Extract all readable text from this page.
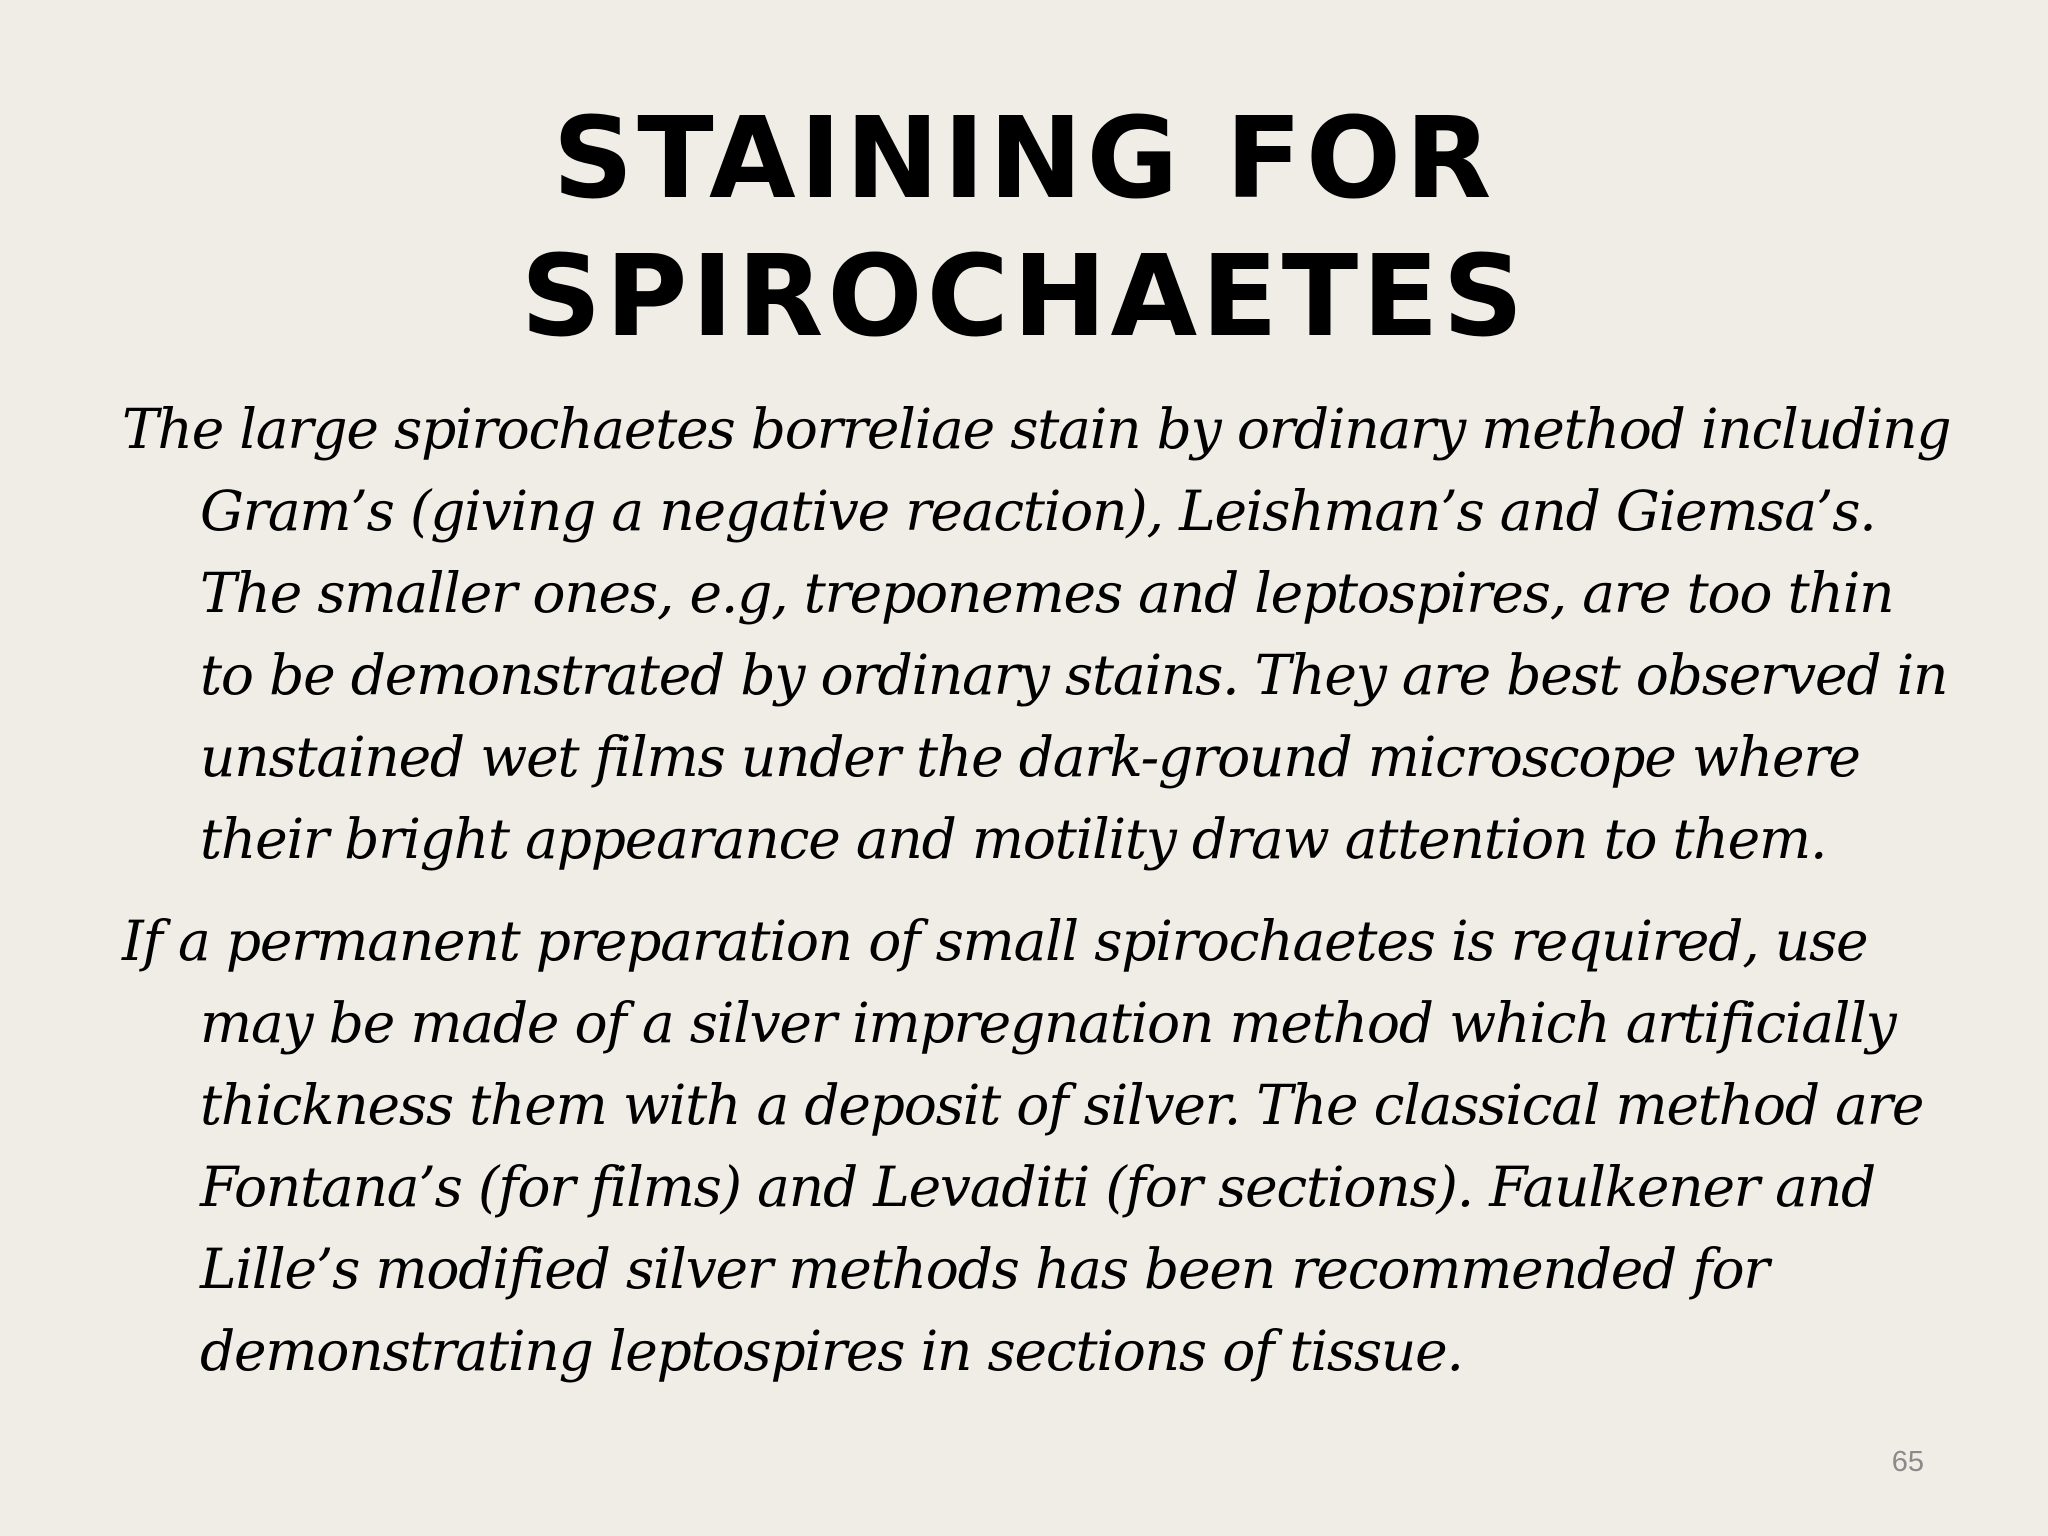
STAINING FOR
SPIROCHAETES

The large spirochaetes borreliae stain by ordinary method including Gram’s (giving a negative reaction), Leishman’s and Giemsa’s. The smaller ones, e.g, treponemes and leptospires, are too thin to be demonstrated by ordinary stains. They are best observed in unstained wet films under the dark-ground microscope where their bright appearance and motility draw attention to them.

If a permanent preparation of small spirochaetes is required, use may be made of a silver impregnation method which artificially thickness them with a deposit of silver. The classical method are Fontana’s (for films) and Levaditi (for sections). Faulkener and Lille’s modified silver methods has been recommended for demonstrating leptospires in sections of tissue.

65
